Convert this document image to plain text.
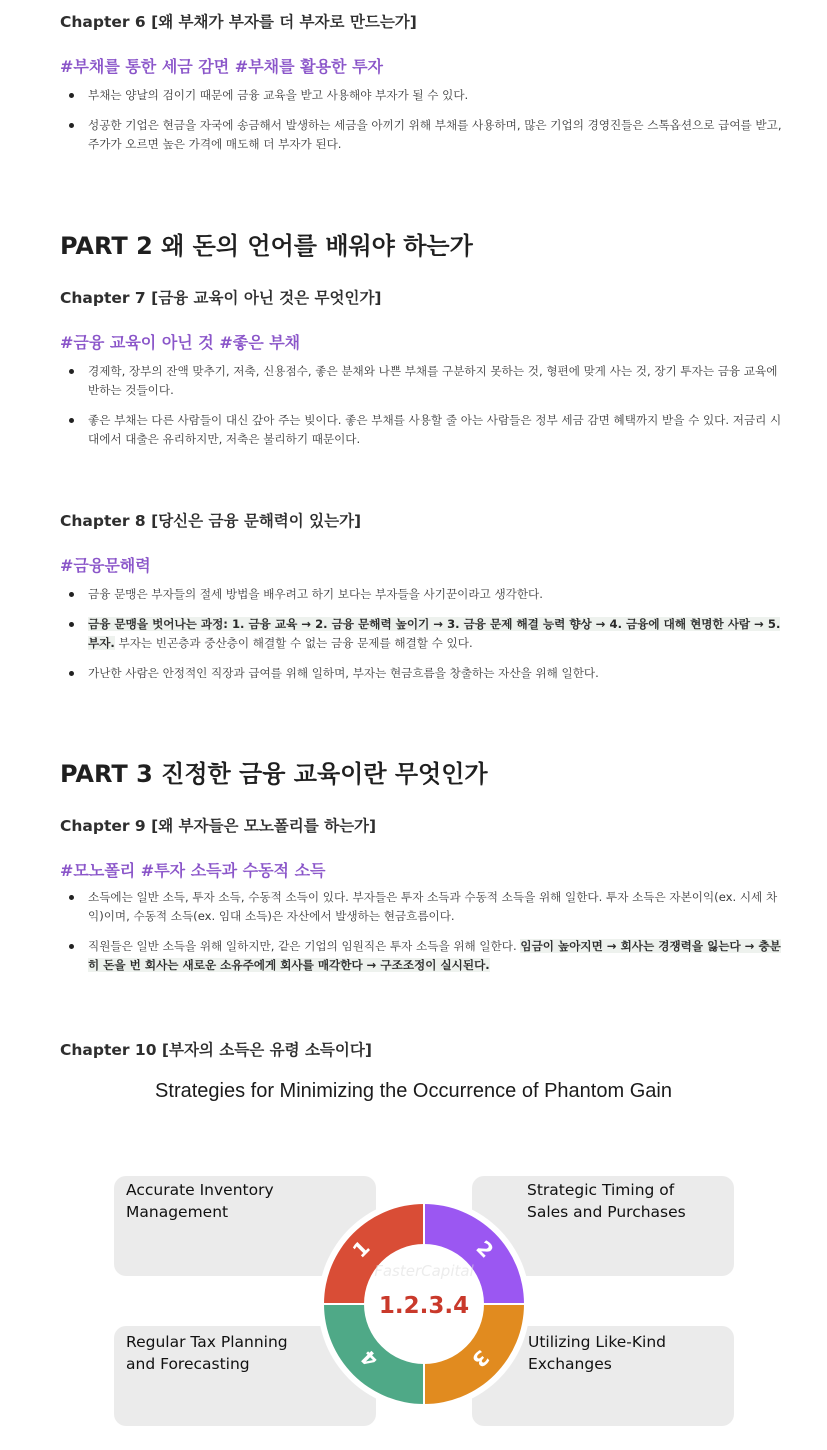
Chapter 6 [왜 부채가 부자를 더 부자로 만드는가]
#부채를 통한 세금 감면 #부채를 활용한 투자
부채는 양날의 검이기 때문에 금융 교육을 받고 사용해야 부자가 될 수 있다.
성공한 기업은 현금을 자국에 송금해서 발생하는 세금을 아끼기 위해 부채를 사용하며, 많은 기업의 경영진들은 스톡옵션으로 급여를 받고, 주가가 오르면 높은 가격에 매도해 더 부자가 된다.
PART 2 왜 돈의 언어를 배워야 하는가
Chapter 7 [금융 교육이 아닌 것은 무엇인가]
#금융 교육이 아닌 것 #좋은 부채
경제학, 장부의 잔액 맞추기, 저축, 신용점수, 좋은 분채와 나쁜 부채를 구분하지 못하는 것, 형편에 맞게 사는 것, 장기 투자는 금융 교육에 반하는 것들이다.
좋은 부채는 다른 사람들이 대신 갚아 주는 빚이다. 좋은 부채를 사용할 줄 아는 사람들은 정부 세금 감면 혜택까지 받을 수 있다. 저금리 시대에서 대출은 유리하지만, 저축은 불리하기 때문이다.
Chapter 8 [당신은 금융 문해력이 있는가]
#금융문해력
금융 문맹은 부자들의 절세 방법을 배우려고 하기 보다는 부자들을 사기꾼이라고 생각한다.
금융 문맹을 벗어나는 과정: 1. 금융 교육 → 2. 금융 문해력 높이기 → 3. 금융 문제 해결 능력 향상 → 4. 금융에 대해 현명한 사람 → 5. 부자. 부자는 빈곤층과 중산층이 해결할 수 없는 금융 문제를 해결할 수 있다.
가난한 사람은 안정적인 직장과 급여를 위해 일하며, 부자는 현금흐름을 창출하는 자산을 위해 일한다.
PART 3 진정한 금융 교육이란 무엇인가
Chapter 9 [왜 부자들은 모노폴리를 하는가]
#모노폴리 #투자 소득과 수동적 소득
소득에는 일반 소득, 투자 소득, 수동적 소득이 있다. 부자들은 투자 소득과 수동적 소득을 위해 일한다. 투자 소득은 자본이익(ex. 시세 차익)이며, 수동적 소득(ex. 임대 소득)은 자산에서 발생하는 현금흐름이다.
직원들은 일반 소득을 위해 일하지만, 같은 기업의 임원직은 투자 소득을 위해 일한다. 임금이 높아지면 → 회사는 경쟁력을 잃는다 → 충분히 돈을 번 회사는 새로운 소유주에게 회사를 매각한다 → 구조조정이 실시된다.
Chapter 10 [부자의 소득은 유령 소득이다]
Strategies for Minimizing the Occurrence of Phantom Gain
Accurate Inventory
Management
Strategic Timing of
Sales and Purchases
Regular Tax Planning
and Forecasting
Utilizing Like-Kind
Exchanges
1	2
3
4
FasterCapital
1.2.3.4
